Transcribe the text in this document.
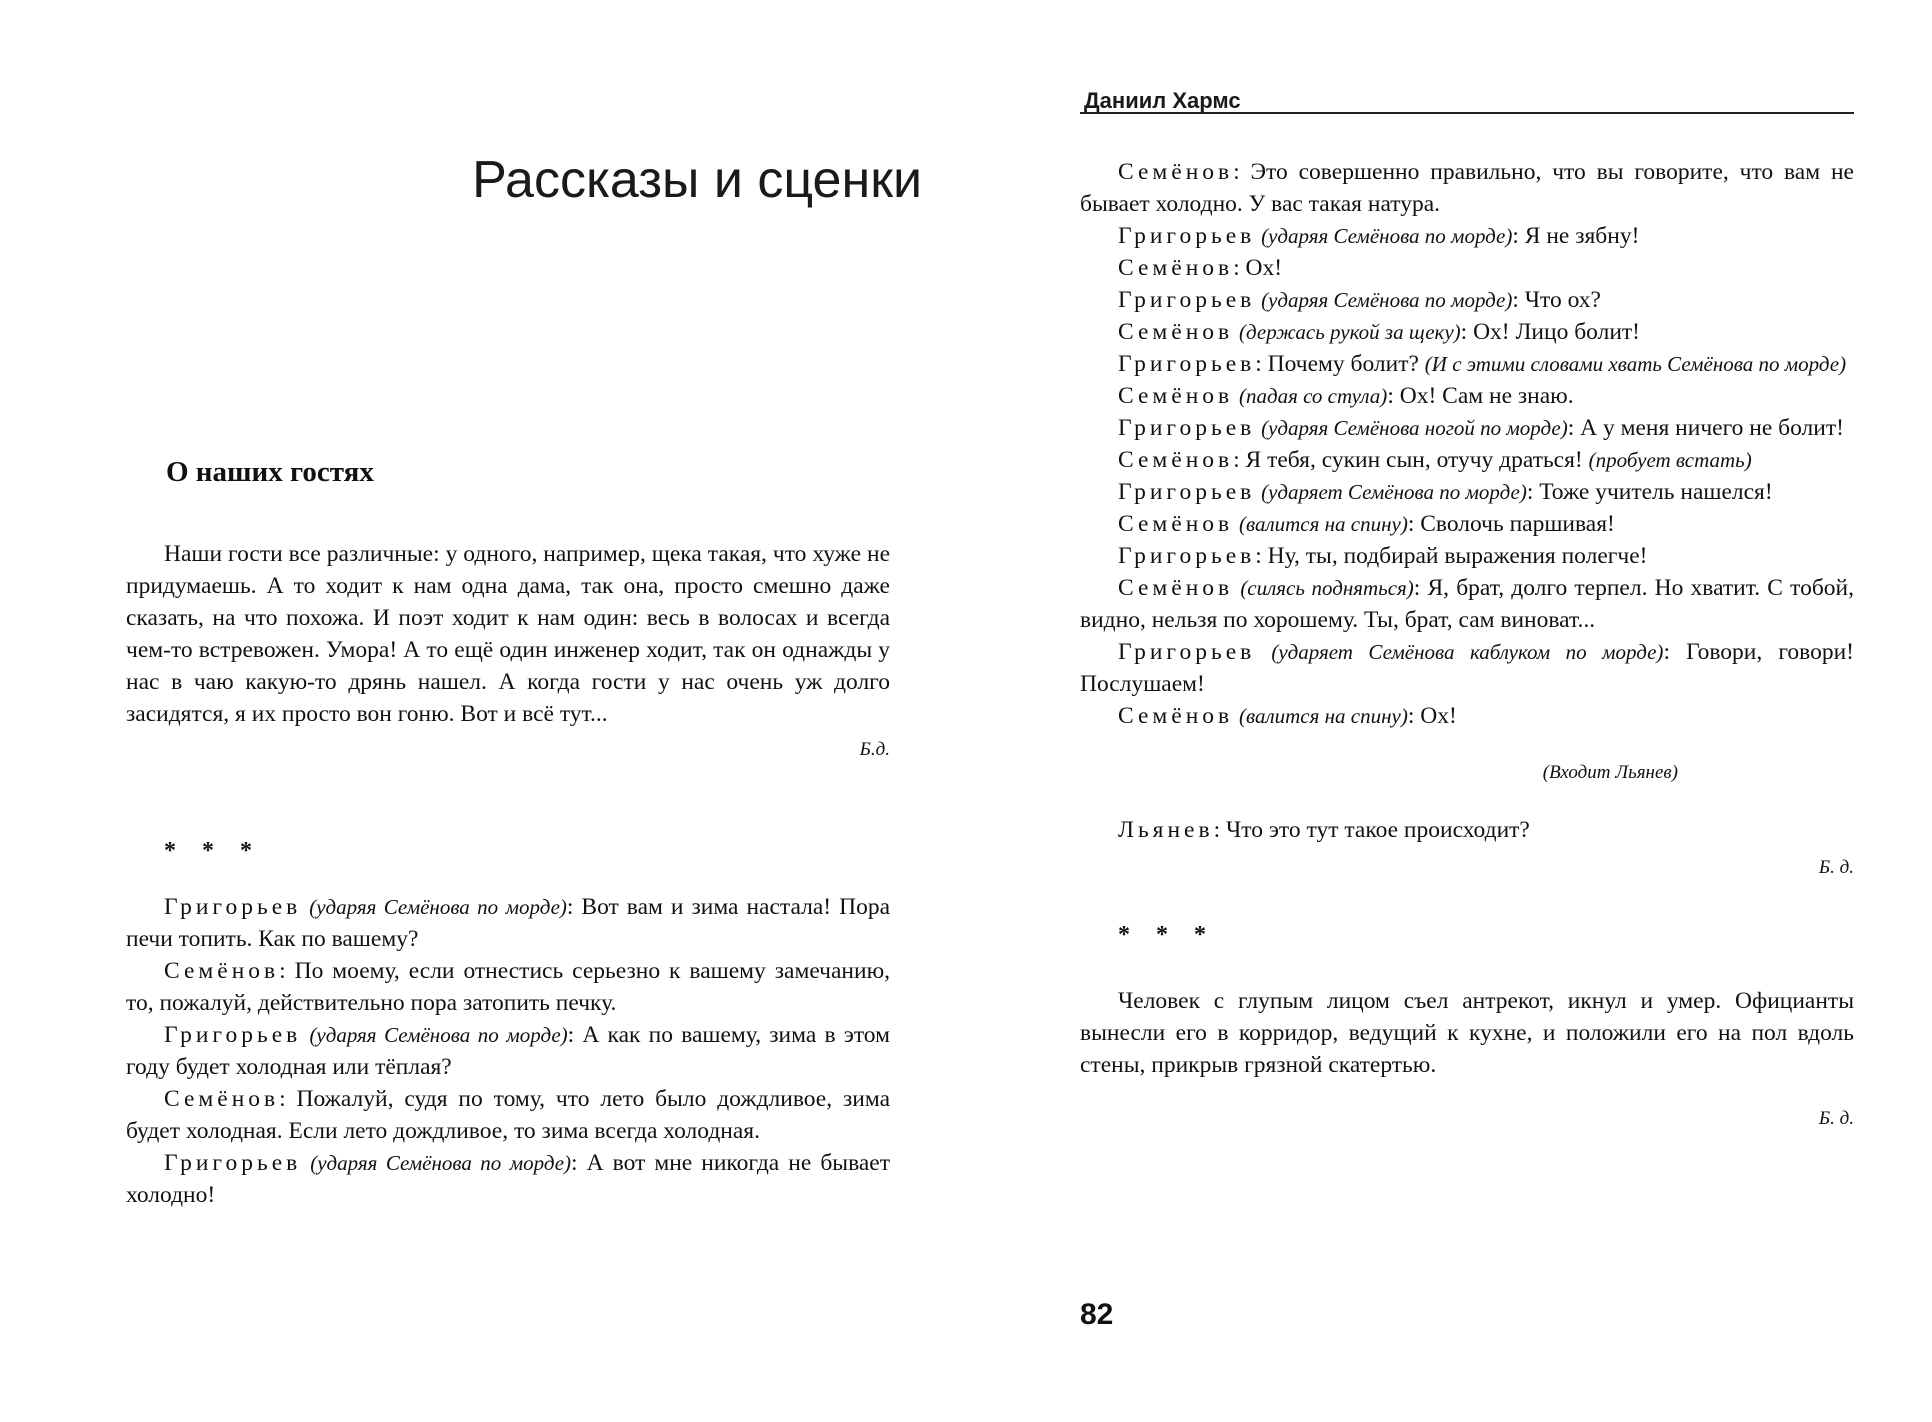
Рассказы и сценки
О наших гостях

Наши гости все различные: у одного, например, щека такая, что хуже не придумаешь. А то ходит к нам одна дама, так она, просто смешно даже сказать, на что похожа. И поэт ходит к нам один: весь в волосах и всегда чем-то встревожен. Умора! А то ещё один инженер ходит, так он однажды у нас в чаю какую-то дрянь нашел. А когда гости у нас очень уж долго засидятся, я их просто вон гоню. Вот и всё тут...

Б.д.

* * *

Григорьев (ударяя Семёнова по морде): Вот вам и зима настала! Пора печи топить. Как по вашему?

Семёнов: По моему, если отнестись серьезно к вашему замечанию, то, пожалуй, действительно пора затопить печку.

Григорьев (ударяя Семёнова по морде): А как по вашему, зима в этом году будет холодная или тёплая?

Семёнов: Пожалуй, судя по тому, что лето было дождливое, зима будет холодная. Если лето дождливое, то зима всегда холодная.

Григорьев (ударяя Семёнова по морде): А вот мне никогда не бывает холодно!

Даниил Хармс

Семёнов: Это совершенно правильно, что вы говорите, что вам не бывает холодно. У вас такая натура.

Григорьев (ударяя Семёнова по морде): Я не зябну!

Семёнов: Ох!

Григорьев (ударяя Семёнова по морде): Что ох?

Семёнов (держась рукой за щеку): Ох! Лицо болит!

Григорьев: Почему болит? (И с этими словами хвать Семёнова по морде)

Семёнов (падая со стула): Ох! Сам не знаю.

Григорьев (ударяя Семёнова ногой по морде): А у меня ничего не болит!

Семёнов: Я тебя, сукин сын, отучу драться! (пробует встать)

Григорьев (ударяет Семёнова по морде): Тоже учитель нашелся!

Семёнов (валится на спину): Сволочь паршивая!

Григорьев: Ну, ты, подбирай выражения полегче!

Семёнов (силясь подняться): Я, брат, долго терпел. Но хватит. С тобой, видно, нельзя по хорошему. Ты, брат, сам виноват...

Григорьев (ударяет Семёнова каблуком по морде): Говори, говори! Послушаем!

Семёнов (валится на спину): Ох!

(Входит Льянев)

Льянев: Что это тут такое происходит?

Б. д.

* * *

Человек с глупым лицом съел антрекот, икнул и умер. Официанты вынесли его в корридор, ведущий к кухне, и положили его на пол вдоль стены, прикрыв грязной скатертью.

Б. д.

82
